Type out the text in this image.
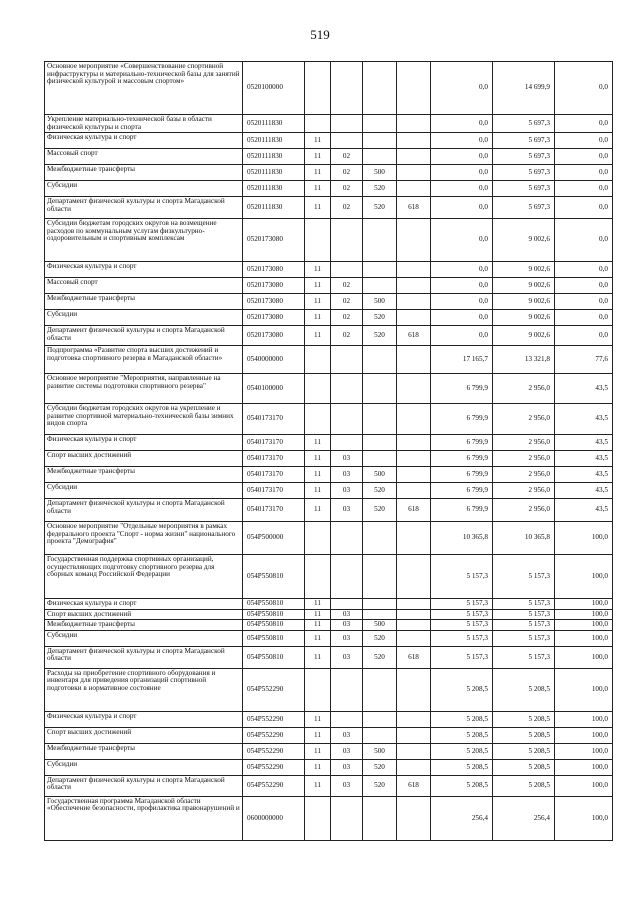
519
Основное мероприятие «Совершенствование спортивной инфраструктуры и материально-технической базы для занятий физической культурой и массовым спортом»	0520100000					0,0	14 699,9	0,0
Укрепление материально-технической базы в области физической культуры и спорта	0520111830					0,0	5 697,3	0,0
Физическая культура и спорт	0520111830	11				0,0	5 697,3	0,0
Массовый спорт	0520111830	11	02			0,0	5 697,3	0,0
Межбюджетные трансферты	0520111830	11	02	500		0,0	5 697,3	0,0
Субсидии	0520111830	11	02	520		0,0	5 697,3	0,0
Департамент физической культуры и спорта Магаданской области	0520111830	11	02	520	618	0,0	5 697,3	0,0
Субсидии бюджетам городских округов на возмещение расходов по коммунальным услугам физкультурно-оздоровительным и спортивным комплексам	0520173080					0,0	9 002,6	0,0
Физическая культура и спорт	0520173080	11				0,0	9 002,6	0,0
Массовый спорт	0520173080	11	02			0,0	9 002,6	0,0
Межбюджетные трансферты	0520173080	11	02	500		0,0	9 002,6	0,0
Субсидии	0520173080	11	02	520		0,0	9 002,6	0,0
Департамент физической культуры и спорта Магаданской области	0520173080	11	02	520	618	0,0	9 002,6	0,0
Подпрограмма «Развитие спорта высших достижений и подготовка спортивного резерва в Магаданской области»	0540000000					17 165,7	13 321,8	77,6
Основное мероприятие "Мероприятия, направленные на развитие системы подготовки спортивного резерва"	0540100000					6 799,9	2 956,0	43,5
Субсидии бюджетам городских округов на укрепление и развитие спортивной материально-технической базы зимних видов спорта	0540173170					6 799,9	2 956,0	43,5
Физическая культура и спорт	0540173170	11				6 799,9	2 956,0	43,5
Спорт высших достижений	0540173170	11	03			6 799,9	2 956,0	43,5
Межбюджетные трансферты	0540173170	11	03	500		6 799,9	2 956,0	43,5
Субсидии	0540173170	11	03	520		6 799,9	2 956,0	43,5
Департамент физической культуры и спорта Магаданской области	0540173170	11	03	520	618	6 799,9	2 956,0	43,5
Основное мероприятие "Отдельные мероприятия в рамках федерального проекта "Спорт - норма жизни" национального проекта "Демография"	054P500000					10 365,8	10 365,8	100,0
Государственная поддержка спортивных организаций, осуществляющих подготовку спортивного резерва для сборных команд Российской Федерации	054P550810					5 157,3	5 157,3	100,0
Физическая культура и спорт	054P550810	11				5 157,3	5 157,3	100,0
Спорт высших достижений	054P550810	11	03			5 157,3	5 157,3	100,0
Межбюджетные трансферты	054P550810	11	03	500		5 157,3	5 157,3	100,0
Субсидии	054P550810	11	03	520		5 157,3	5 157,3	100,0
Департамент физической культуры и спорта Магаданской области	054P550810	11	03	520	618	5 157,3	5 157,3	100,0
Расходы на приобретение спортивного оборудования и инвентаря для приведения организаций спортивной подготовки в нормативное состояние	054P552290					5 208,5	5 208,5	100,0
Физическая культура и спорт	054P552290	11				5 208,5	5 208,5	100,0
Спорт высших достижений	054P552290	11	03			5 208,5	5 208,5	100,0
Межбюджетные трансферты	054P552290	11	03	500		5 208,5	5 208,5	100,0
Субсидии	054P552290	11	03	520		5 208,5	5 208,5	100,0
Департамент физической культуры и спорта Магаданской области	054P552290	11	03	520	618	5 208,5	5 208,5	100,0
Государственная программа Магаданской области «Обеспечение безопасности, профилактика правонарушений и	0600000000					256,4	256,4	100,0
